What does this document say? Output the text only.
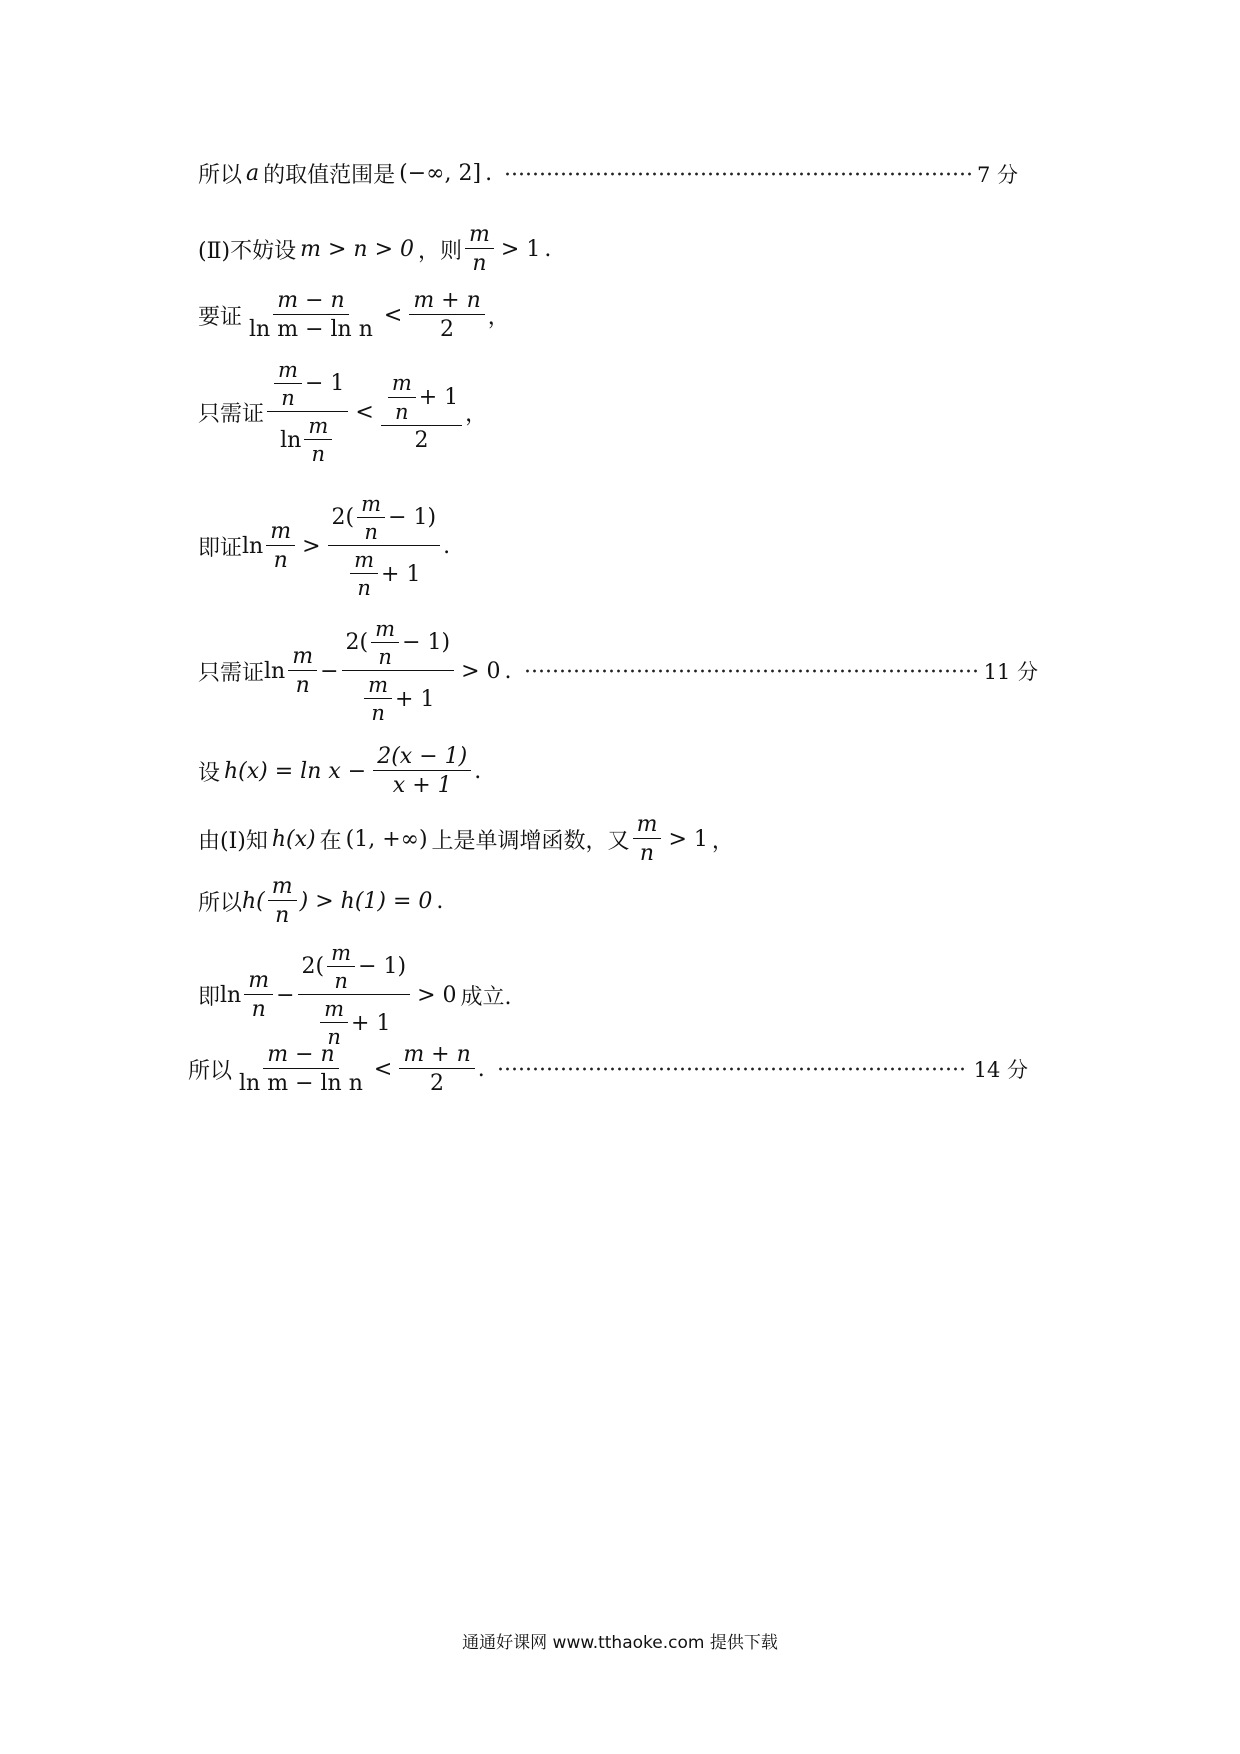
所以 a 的取值范围是 (−∞, 2] .	7 分
(Ⅱ)不妨设 m > n > 0 ，则 $\frac{m}{n} > 1$ .
要证 $\frac{m - n}{\text{ln m − ln n}} < \frac{m + n}{2}$ ，
只需证 $\frac{\frac{m}{n} - 1}{\ln \frac{m}{n}} < \frac{\frac{m}{n} + 1}{2}$ ，
即证 $\ln \frac{m}{n} > \frac{2( \frac{m}{n} - 1)}{\frac{m}{n} + 1}$ .
只需证 $\ln \frac{m}{n} - \frac{2( \frac{m}{n} - 1)}{\frac{m}{n} + 1} > 0$ .	11 分
设 $h(x) = \ln x - \frac{2(x - 1)}{x + 1}$ .
由(Ⅰ)知 h(x) 在 (1, +∞) 上是单调增函数，又 $\frac{m}{n} > 1$ ，
所以 $h( \frac{m}{n}$ ) > h(1) = 0 .
即 $\ln \frac{m}{n} - \frac{2( \frac{m}{n} - 1)}{\frac{m}{n} + 1} > 0$ 成立.
所以 $\frac{m - n}{\text{ln m − ln n}} < \frac{m + n}{2}$ .	14 分
通通好课网 www.tthaoke.com 提供下载
